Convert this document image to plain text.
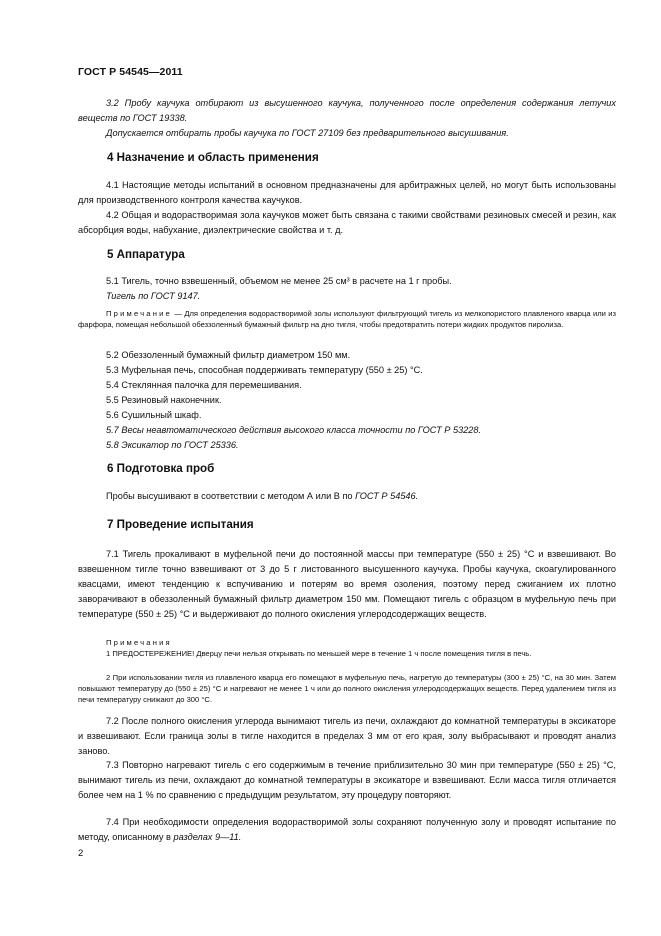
ГОСТ Р 54545—2011

3.2 Пробу каучука отбирают из высушенного каучука, полученного после определения содержания летучих веществ по ГОСТ 19338.

Допускается отбирать пробы каучука по ГОСТ 27109 без предварительного высушивания.

4 Назначение и область применения

4.1 Настоящие методы испытаний в основном предназначены для арбитражных целей, но могут быть использованы для производственного контроля качества каучуков.

4.2 Общая и водорастворимая зола каучуков может быть связана с такими свойствами резиновых смесей и резин, как абсорбция воды, набухание, диэлектрические свойства и т. д.

5 Аппаратура

5.1 Тигель, точно взвешенный, объемом не менее 25 см³ в расчете на 1 г пробы.

Тигель по ГОСТ 9147.

Примечание — Для определения водорастворимой золы используют фильтрующий тигель из мелкопористого плавленого кварца или из фарфора, помещая небольшой обеззоленный бумажный фильтр на дно тигля, чтобы предотвратить потери жидких продуктов пиролиза.

5.2 Обеззоленный бумажный фильтр диаметром 150 мм.

5.3 Муфельная печь, способная поддерживать температуру (550 ± 25) °C.

5.4 Стеклянная палочка для перемешивания.

5.5 Резиновый наконечник.

5.6 Сушильный шкаф.

5.7 Весы неавтоматического действия высокого класса точности по ГОСТ Р 53228.

5.8 Эксикатор по ГОСТ 25336.

6 Подготовка проб

Пробы высушивают в соответствии с методом А или В по ГОСТ Р 54546.

7 Проведение испытания

7.1 Тигель прокаливают в муфельной печи до постоянной массы при температуре (550 ± 25) °C и взвешивают. Во взвешенном тигле точно взвешивают от 3 до 5 г листованного высушенного каучука. Пробы каучука, скоагулированного квасцами, имеют тенденцию к вспучиванию и потерям во время озоления, поэтому перед сжиганием их плотно заворачивают в обеззоленный бумажный фильтр диаметром 150 мм. Помещают тигель с образцом в муфельную печь при температуре (550 ± 25) °C и выдерживают до полного окисления углеродсодержащих веществ.

Примечания

1 ПРЕДОСТЕРЕЖЕНИЕ! Дверцу печи нельзя открывать по меньшей мере в течение 1 ч после помещения тигля в печь.

2 При использовании тигля из плавленого кварца его помещают в муфельную печь, нагретую до температуры (300 ± 25) °C, на 30 мин. Затем повышают температуру до (550 ± 25) °C и нагревают не менее 1 ч или до полного окисления углеродсодержащих веществ. Перед удалением тигля из печи температуру снижают до 300 °C.

7.2 После полного окисления углерода вынимают тигель из печи, охлаждают до комнатной температуры в эксикаторе и взвешивают. Если граница золы в тигле находится в пределах 3 мм от его края, золу выбрасывают и проводят анализ заново.

7.3 Повторно нагревают тигель с его содержимым в течение приблизительно 30 мин при температуре (550 ± 25) °C, вынимают тигель из печи, охлаждают до комнатной температуры в эксикаторе и взвешивают. Если масса тигля отличается более чем на 1 % по сравнению с предыдущим результатом, эту процедуру повторяют.

7.4 При необходимости определения водорастворимой золы сохраняют полученную золу и проводят испытание по методу, описанному в разделах 9—11.

2
